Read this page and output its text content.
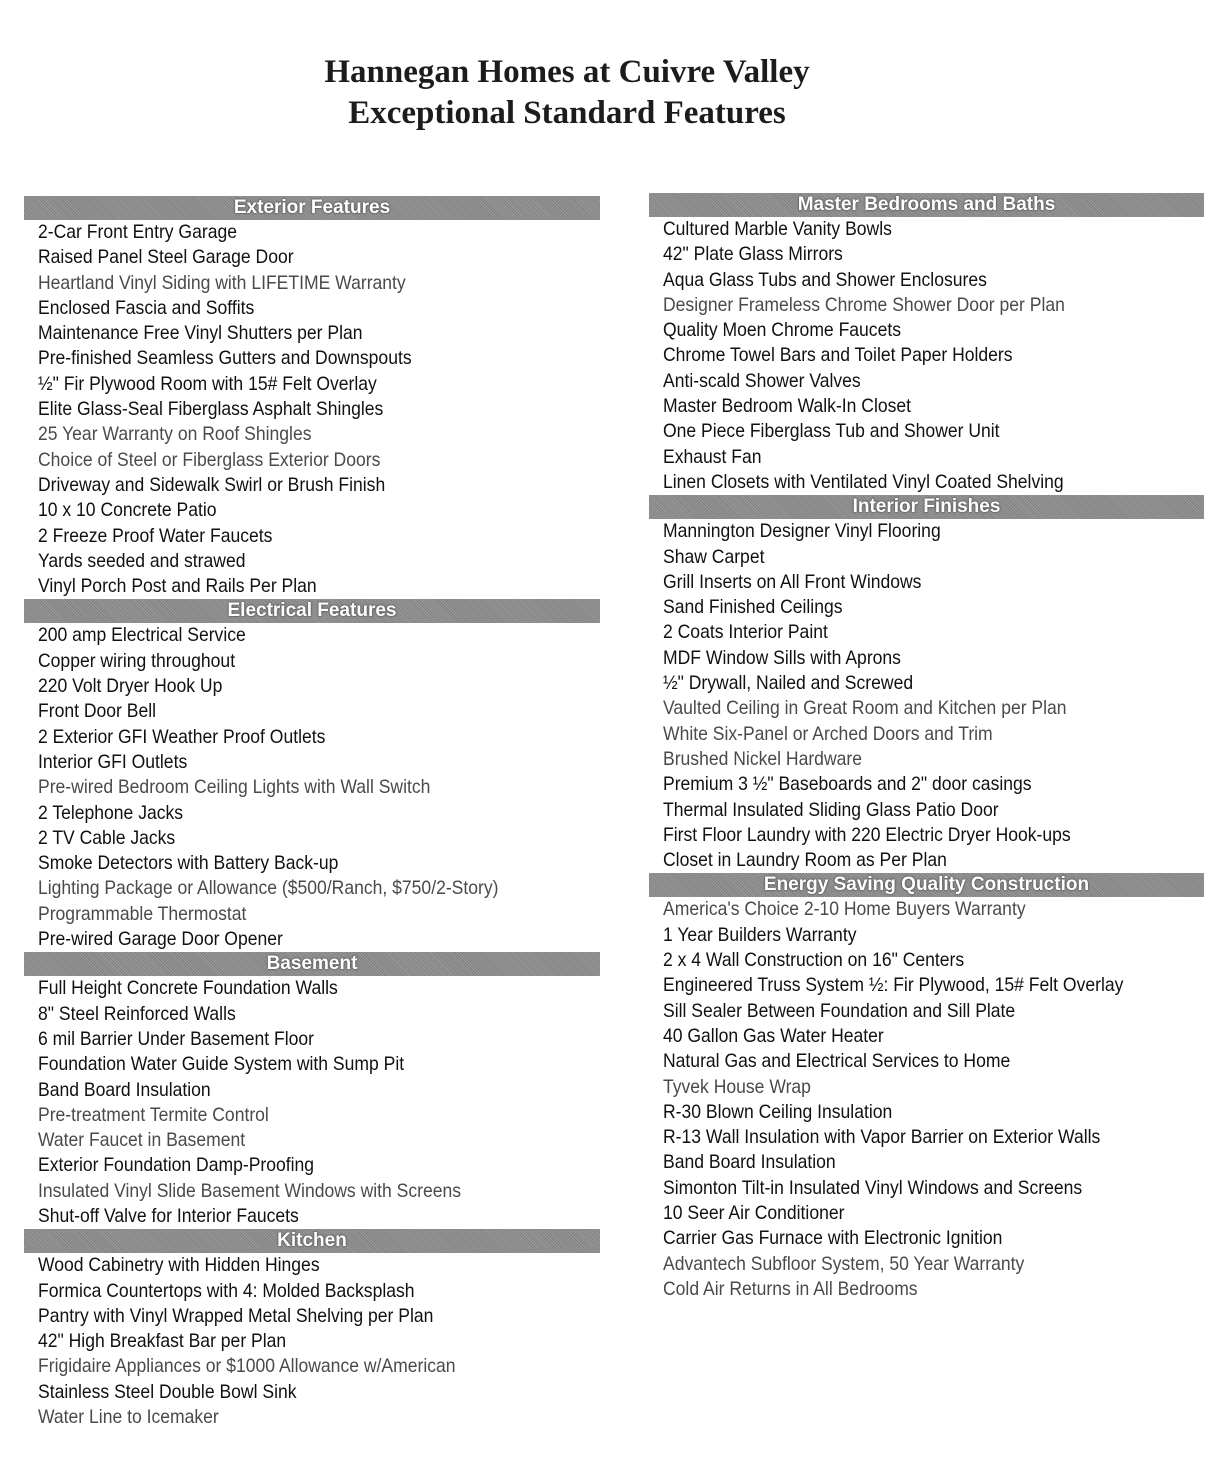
Hannegan Homes at Cuivre Valley
Exceptional Standard Features
Exterior Features
2-Car Front Entry Garage
Raised Panel Steel Garage Door
Heartland Vinyl Siding with LIFETIME Warranty
Enclosed Fascia and Soffits
Maintenance Free Vinyl Shutters per Plan
Pre-finished Seamless Gutters and Downspouts
½" Fir Plywood Room with 15# Felt Overlay
Elite Glass-Seal Fiberglass Asphalt Shingles
25 Year Warranty on Roof Shingles
Choice of Steel or Fiberglass Exterior Doors
Driveway and Sidewalk Swirl or Brush Finish
10 x 10 Concrete Patio
2 Freeze Proof Water Faucets
Yards seeded and strawed
Vinyl Porch Post and Rails Per Plan
Electrical Features
200 amp Electrical Service
Copper wiring throughout
220 Volt Dryer Hook Up
Front Door Bell
2 Exterior GFI Weather Proof Outlets
Interior GFI Outlets
Pre-wired Bedroom Ceiling Lights with Wall Switch
2 Telephone Jacks
2 TV Cable Jacks
Smoke Detectors with Battery Back-up
Lighting Package or Allowance ($500/Ranch, $750/2-Story)
Programmable Thermostat
Pre-wired Garage Door Opener
Basement
Full Height Concrete Foundation Walls
8" Steel Reinforced Walls
6 mil Barrier Under Basement Floor
Foundation Water Guide System with Sump Pit
Band Board Insulation
Pre-treatment Termite Control
Water Faucet in Basement
Exterior Foundation Damp-Proofing
Insulated Vinyl Slide Basement Windows with Screens
Shut-off Valve for Interior Faucets
Kitchen
Wood Cabinetry with Hidden Hinges
Formica Countertops with 4: Molded Backsplash
Pantry with Vinyl Wrapped Metal Shelving per Plan
42" High Breakfast Bar per Plan
Frigidaire Appliances or $1000 Allowance w/American
Stainless Steel Double Bowl Sink
Water Line to Icemaker
Master Bedrooms and Baths
Cultured Marble Vanity Bowls
42" Plate Glass Mirrors
Aqua Glass Tubs and Shower Enclosures
Designer Frameless Chrome Shower Door per Plan
Quality Moen Chrome Faucets
Chrome Towel Bars and Toilet Paper Holders
Anti-scald Shower Valves
Master Bedroom Walk-In Closet
One Piece Fiberglass Tub and Shower Unit
Exhaust Fan
Linen Closets with Ventilated Vinyl Coated Shelving
Interior Finishes
Mannington Designer Vinyl Flooring
Shaw Carpet
Grill Inserts on All Front Windows
Sand Finished Ceilings
2 Coats Interior Paint
MDF Window Sills with Aprons
½" Drywall, Nailed and Screwed
Vaulted Ceiling in Great Room and Kitchen per Plan
White Six-Panel or Arched Doors and Trim
Brushed Nickel Hardware
Premium 3 ½" Baseboards and 2" door casings
Thermal Insulated Sliding Glass Patio Door
First Floor Laundry with 220 Electric Dryer Hook-ups
Closet in Laundry Room as Per Plan
Energy Saving Quality Construction
America's Choice 2-10 Home Buyers Warranty
1 Year Builders Warranty
2 x 4 Wall Construction on 16" Centers
Engineered Truss System ½: Fir Plywood, 15# Felt Overlay
Sill Sealer Between Foundation and Sill Plate
40 Gallon Gas Water Heater
Natural Gas and Electrical Services to Home
Tyvek House Wrap
R-30 Blown Ceiling Insulation
R-13 Wall Insulation with Vapor Barrier on Exterior Walls
Band Board Insulation
Simonton Tilt-in Insulated Vinyl Windows and Screens
10 Seer Air Conditioner
Carrier Gas Furnace with Electronic Ignition
Advantech Subfloor System, 50 Year Warranty
Cold Air Returns in All Bedrooms
